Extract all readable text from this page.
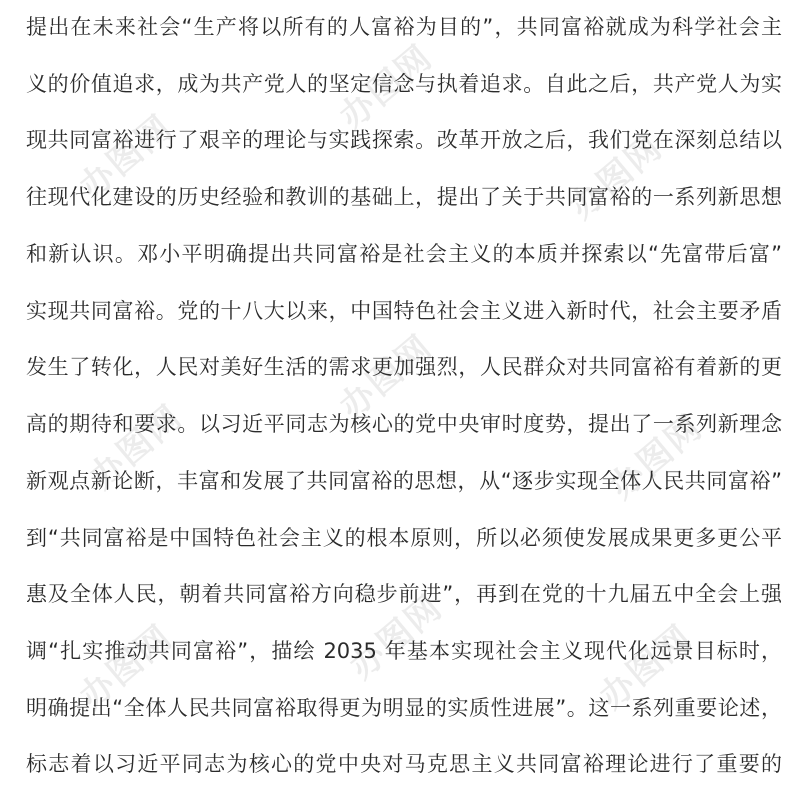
办图网
办图网
办图网
办图网
办图网
办图网
办图网	办图网	办图网
提出在未来社会“生产将以所有的人富裕为目的”，共同富裕就成为科学社会主
义的价值追求，成为共产党人的坚定信念与执着追求。自此之后，共产党人为实
现共同富裕进行了艰辛的理论与实践探索。改革开放之后，我们党在深刻总结以
往现代化建设的历史经验和教训的基础上，提出了关于共同富裕的一系列新思想
和新认识。邓小平明确提出共同富裕是社会主义的本质并探索以“先富带后富”
实现共同富裕。党的十八大以来，中国特色社会主义进入新时代，社会主要矛盾
发生了转化，人民对美好生活的需求更加强烈，人民群众对共同富裕有着新的更
高的期待和要求。以习近平同志为核心的党中央审时度势，提出了一系列新理念
新观点新论断，丰富和发展了共同富裕的思想，从“逐步实现全体人民共同富裕”
到“共同富裕是中国特色社会主义的根本原则，所以必须使发展成果更多更公平
惠及全体人民，朝着共同富裕方向稳步前进”，再到在党的十九届五中全会上强
调“扎实推动共同富裕”，描绘 2035 年基本实现社会主义现代化远景目标时，
明确提出“全体人民共同富裕取得更为明显的实质性进展”。这一系列重要论述，
标志着以习近平同志为核心的党中央对马克思主义共同富裕理论进行了重要的
